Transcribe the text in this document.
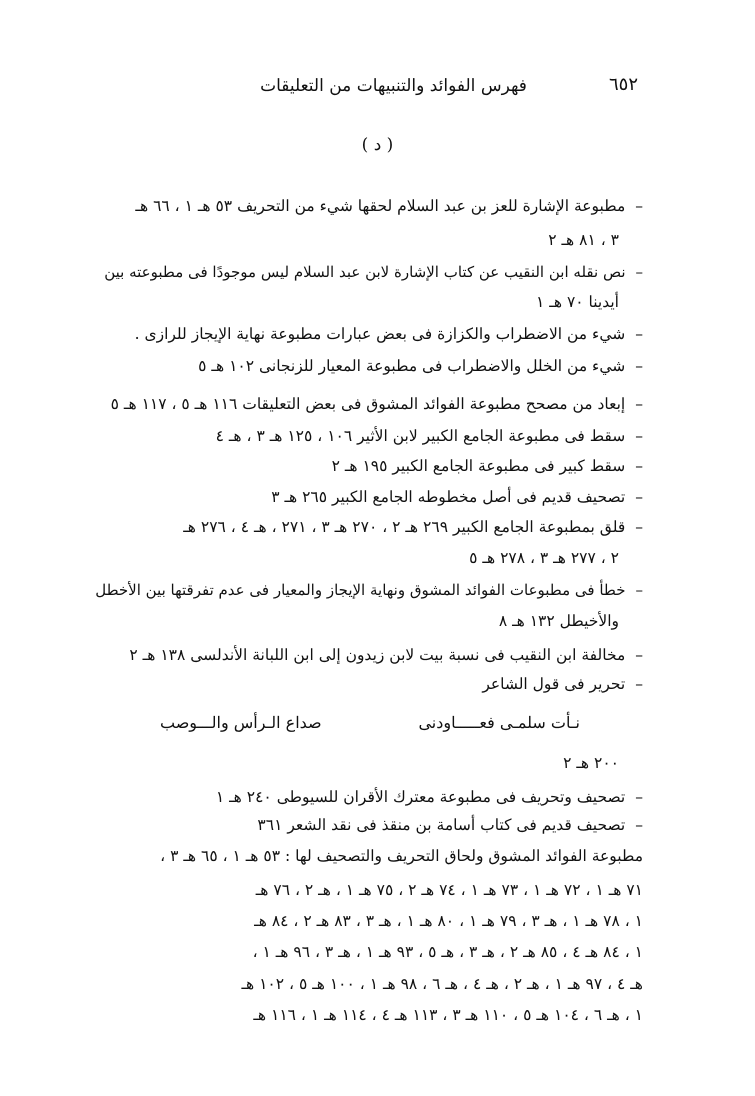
٦٥٢
فهرس الفوائد والتنبيهات من التعليقات
( د )
–مطبوعة الإشارة للعز بن عبد السلام لحقها شيء من التحريف ٥٣ هـ ١ ، ٦٦ هـ
٣ ، ٨١ هـ ٢
–نص نقله ابن النقيب عن كتاب الإشارة لابن عبد السلام ليس موجودًا فى مطبوعته بين
أيدينا ٧٠ هـ ١
–شيء من الاضطراب والكزازة فى بعض عبارات مطبوعة نهاية الإيجاز للرازى .
–شيء من الخلل والاضطراب فى مطبوعة المعيار للزنجانى ١٠٢ هـ ٥
–إبعاد من مصحح مطبوعة الفوائد المشوق فى بعض التعليقات ١١٦ هـ ٥ ، ١١٧ هـ ٥
–سقط فى مطبوعة الجامع الكبير لابن الأثير ١٠٦ ، ١٢٥ هـ ٣ ، هـ ٤
–سقط كبير فى مطبوعة الجامع الكبير ١٩٥ هـ ٢
–تصحيف قديم فى أصل مخطوطه الجامع الكبير ٢٦٥ هـ ٣
–قلق بمطبوعة الجامع الكبير ٢٦٩ هـ ٢ ، ٢٧٠ هـ ٣ ، ٢٧١ ، هـ ٤ ، ٢٧٦ هـ
٢ ، ٢٧٧ هـ ٣ ، ٢٧٨ هـ ٥
–خطأ فى مطبوعات الفوائد المشوق ونهاية الإيجاز والمعيار فى عدم تفرقتها بين الأخطل
والأخيطل ١٣٢ هـ ٨
–مخالفة ابن النقيب فى نسبة بيت لابن زيدون إلى ابن اللبانة الأندلسى ١٣٨ هـ ٢
–تحرير فى قول الشاعر
نـأت سلمـى فعـــــاودنى
صداع الـرأس والـــوصب
٢٠٠ هـ ٢
–تصحيف وتحريف فى مطبوعة معترك الأقران للسيوطى ٢٤٠ هـ ١
–تصحيف قديم فى كتاب أسامة بن منقذ فى نقد الشعر ٣٦١
مطبوعة الفوائد المشوق ولحاق التحريف والتصحيف لها : ٥٣ هـ ١ ، ٦٥ هـ ٣ ،
٧١ هـ ١ ، ٧٢ هـ ١ ، ٧٣ هـ ١ ، ٧٤ هـ ٢ ، ٧٥ هـ ١ ، هـ ٢ ، ٧٦ هـ
١ ، ٧٨ هـ ١ ، هـ ٣ ، ٧٩ هـ ١ ، ٨٠ هـ ١ ، هـ ٣ ، ٨٣ هـ ٢ ، ٨٤ هـ
١ ، ٨٤ هـ ٤ ، ٨٥ هـ ٢ ، هـ ٣ ، هـ ٥ ، ٩٣ هـ ١ ، هـ ٣ ، ٩٦ هـ ١ ،
هـ ٤ ، ٩٧ هـ ١ ، هـ ٢ ، هـ ٤ ، هـ ٦ ، ٩٨ هـ ١ ، ١٠٠ هـ ٥ ، ١٠٢ هـ
١ ، هـ ٦ ، ١٠٤ هـ ٥ ، ١١٠ هـ ٣ ، ١١٣ هـ ٤ ، ١١٤ هـ ١ ، ١١٦ هـ
